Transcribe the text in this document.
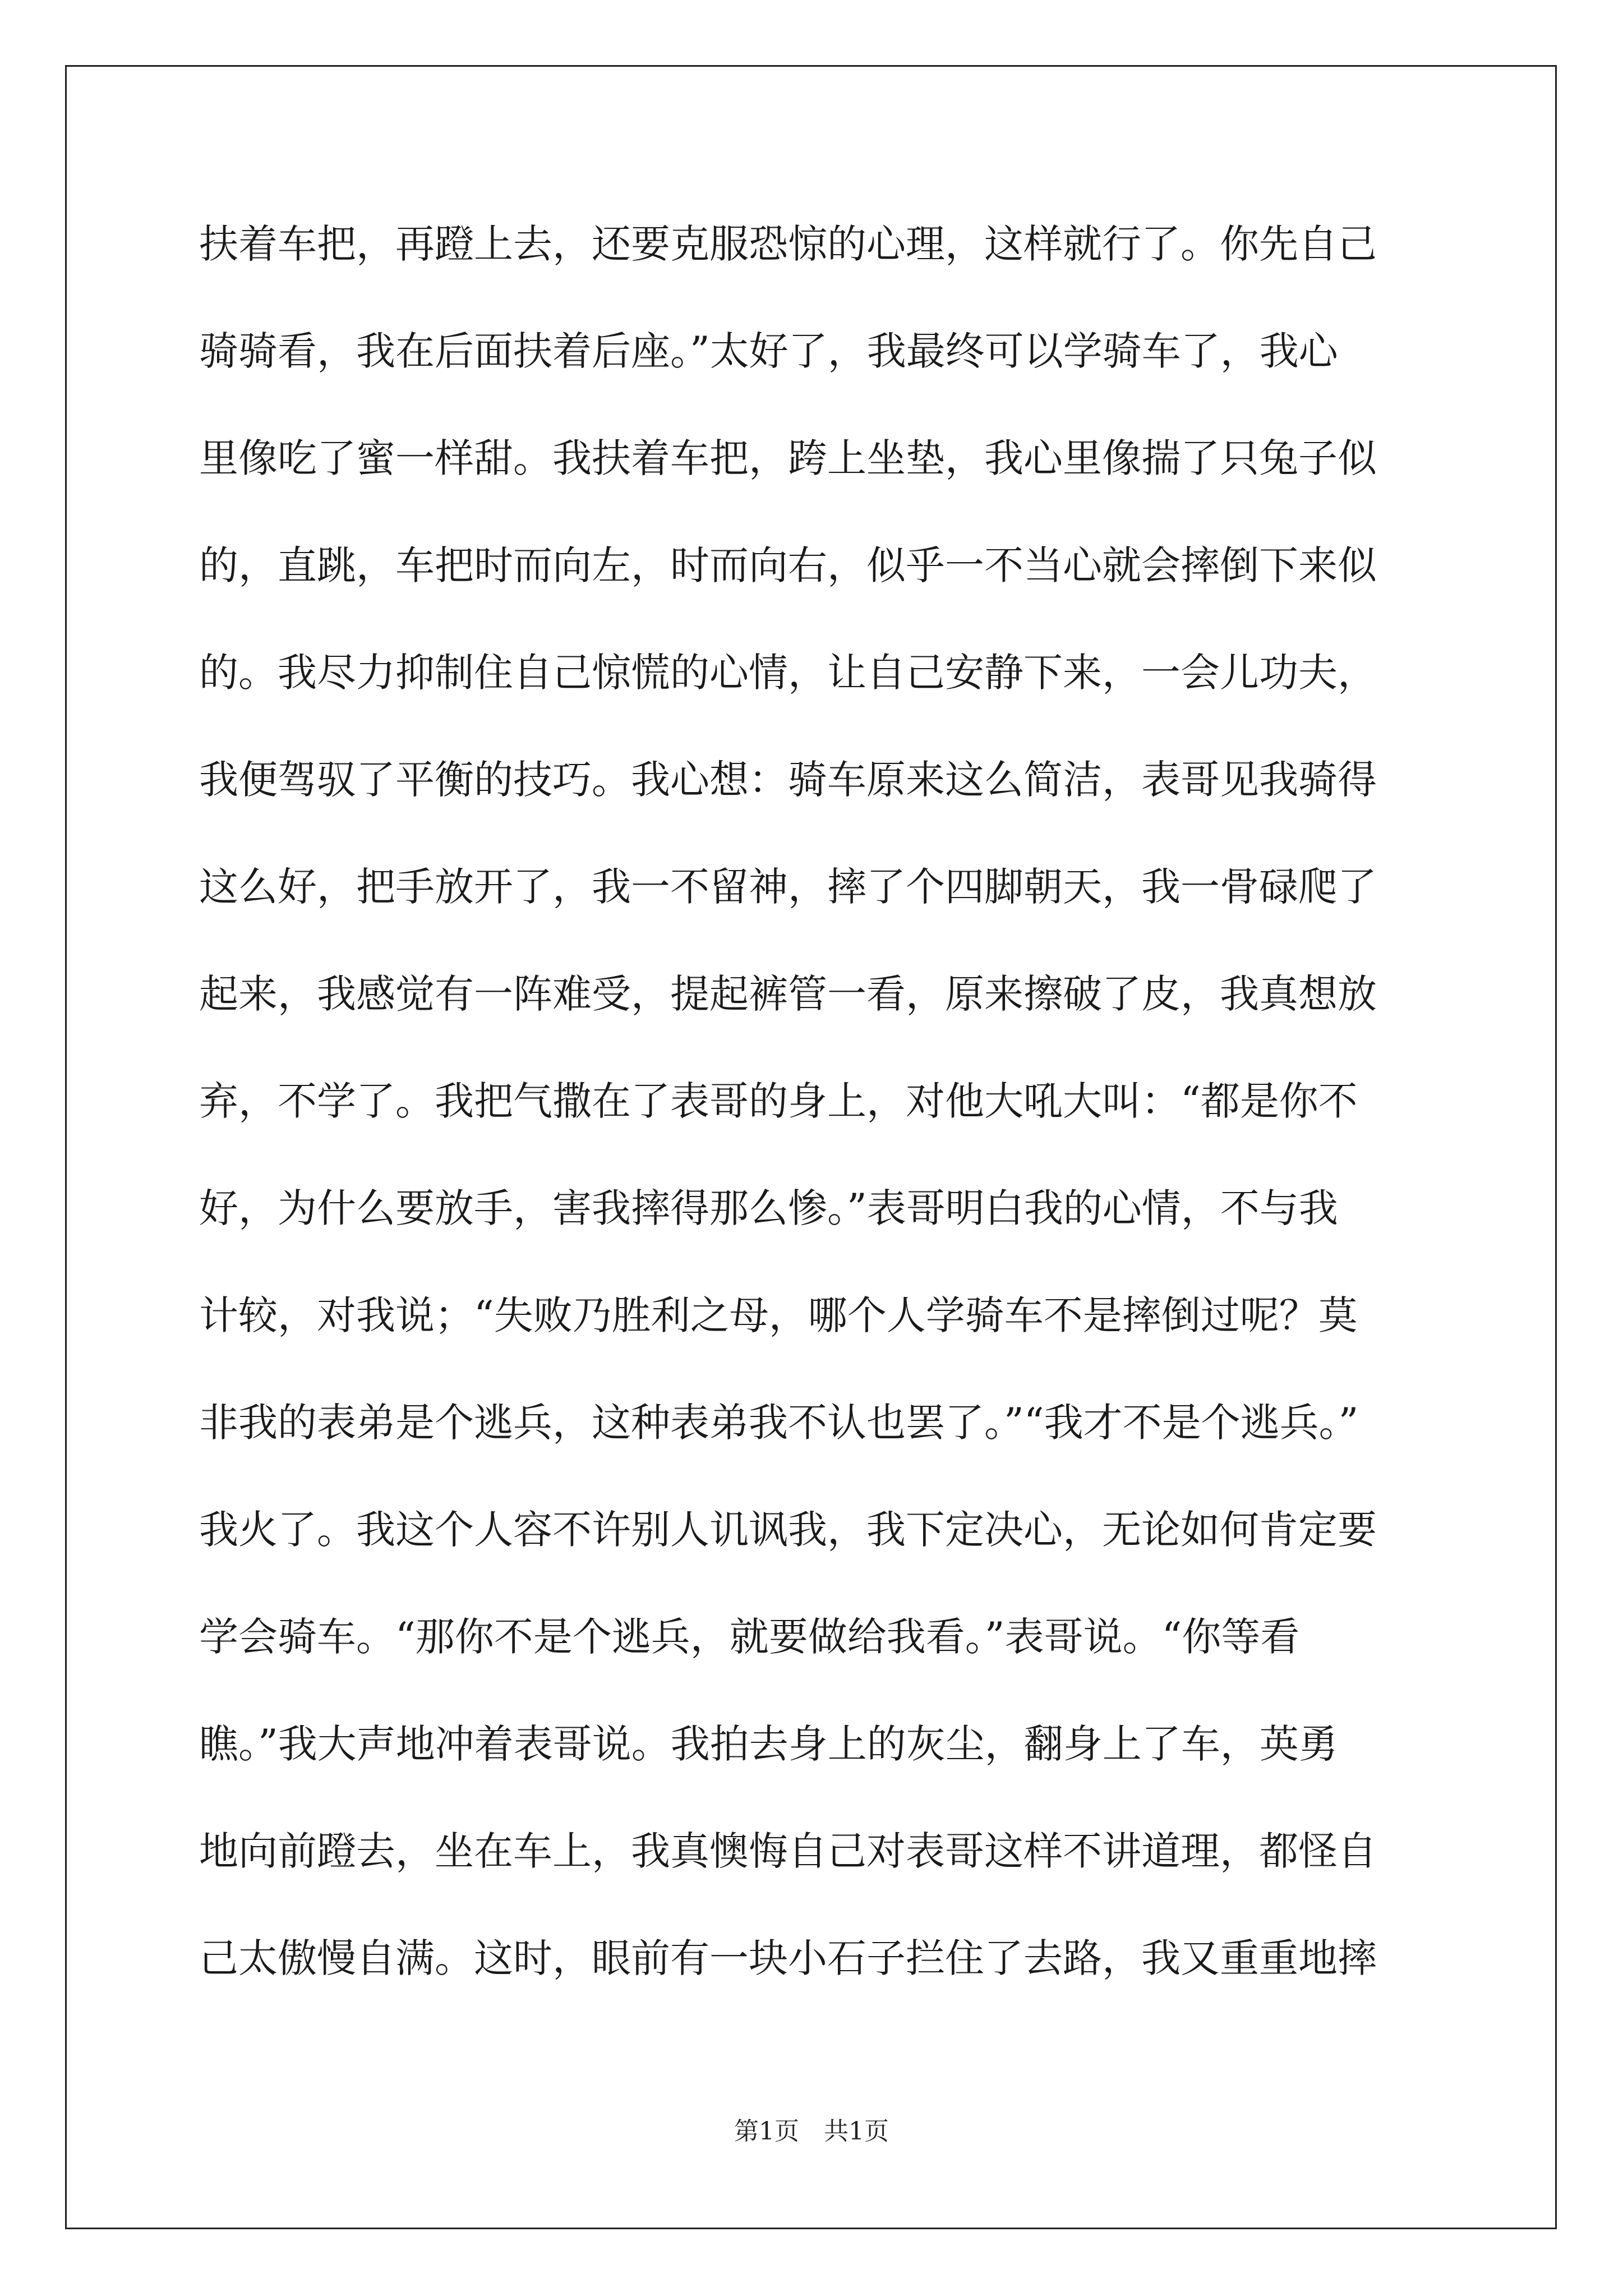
扶着车把，再蹬上去，还要克服恐惊的心理，这样就行了。你先自己
骑骑看，我在后面扶着后座。”太好了，我最终可以学骑车了，我心
里像吃了蜜一样甜。我扶着车把，跨上坐垫，我心里像揣了只兔子似
的，直跳，车把时而向左，时而向右，似乎一不当心就会摔倒下来似
的。我尽力抑制住自己惊慌的心情，让自己安静下来，一会儿功夫，
我便驾驭了平衡的技巧。我心想：骑车原来这么简洁，表哥见我骑得
这么好，把手放开了，我一不留神，摔了个四脚朝天，我一骨碌爬了
起来，我感觉有一阵难受，提起裤管一看，原来擦破了皮，我真想放
弃，不学了。我把气撒在了表哥的身上，对他大吼大叫：“都是你不
好，为什么要放手，害我摔得那么惨。”表哥明白我的心情，不与我
计较，对我说；“失败乃胜利之母，哪个人学骑车不是摔倒过呢？莫
非我的表弟是个逃兵，这种表弟我不认也罢了。”“我才不是个逃兵。”
我火了。我这个人容不许别人讥讽我，我下定决心，无论如何肯定要
学会骑车。“那你不是个逃兵，就要做给我看。”表哥说。“你等看
瞧。”我大声地冲着表哥说。我拍去身上的灰尘，翻身上了车，英勇
地向前蹬去，坐在车上，我真懊悔自己对表哥这样不讲道理，都怪自
己太傲慢自满。这时，眼前有一块小石子拦住了去路，我又重重地摔
第1页　共1页
